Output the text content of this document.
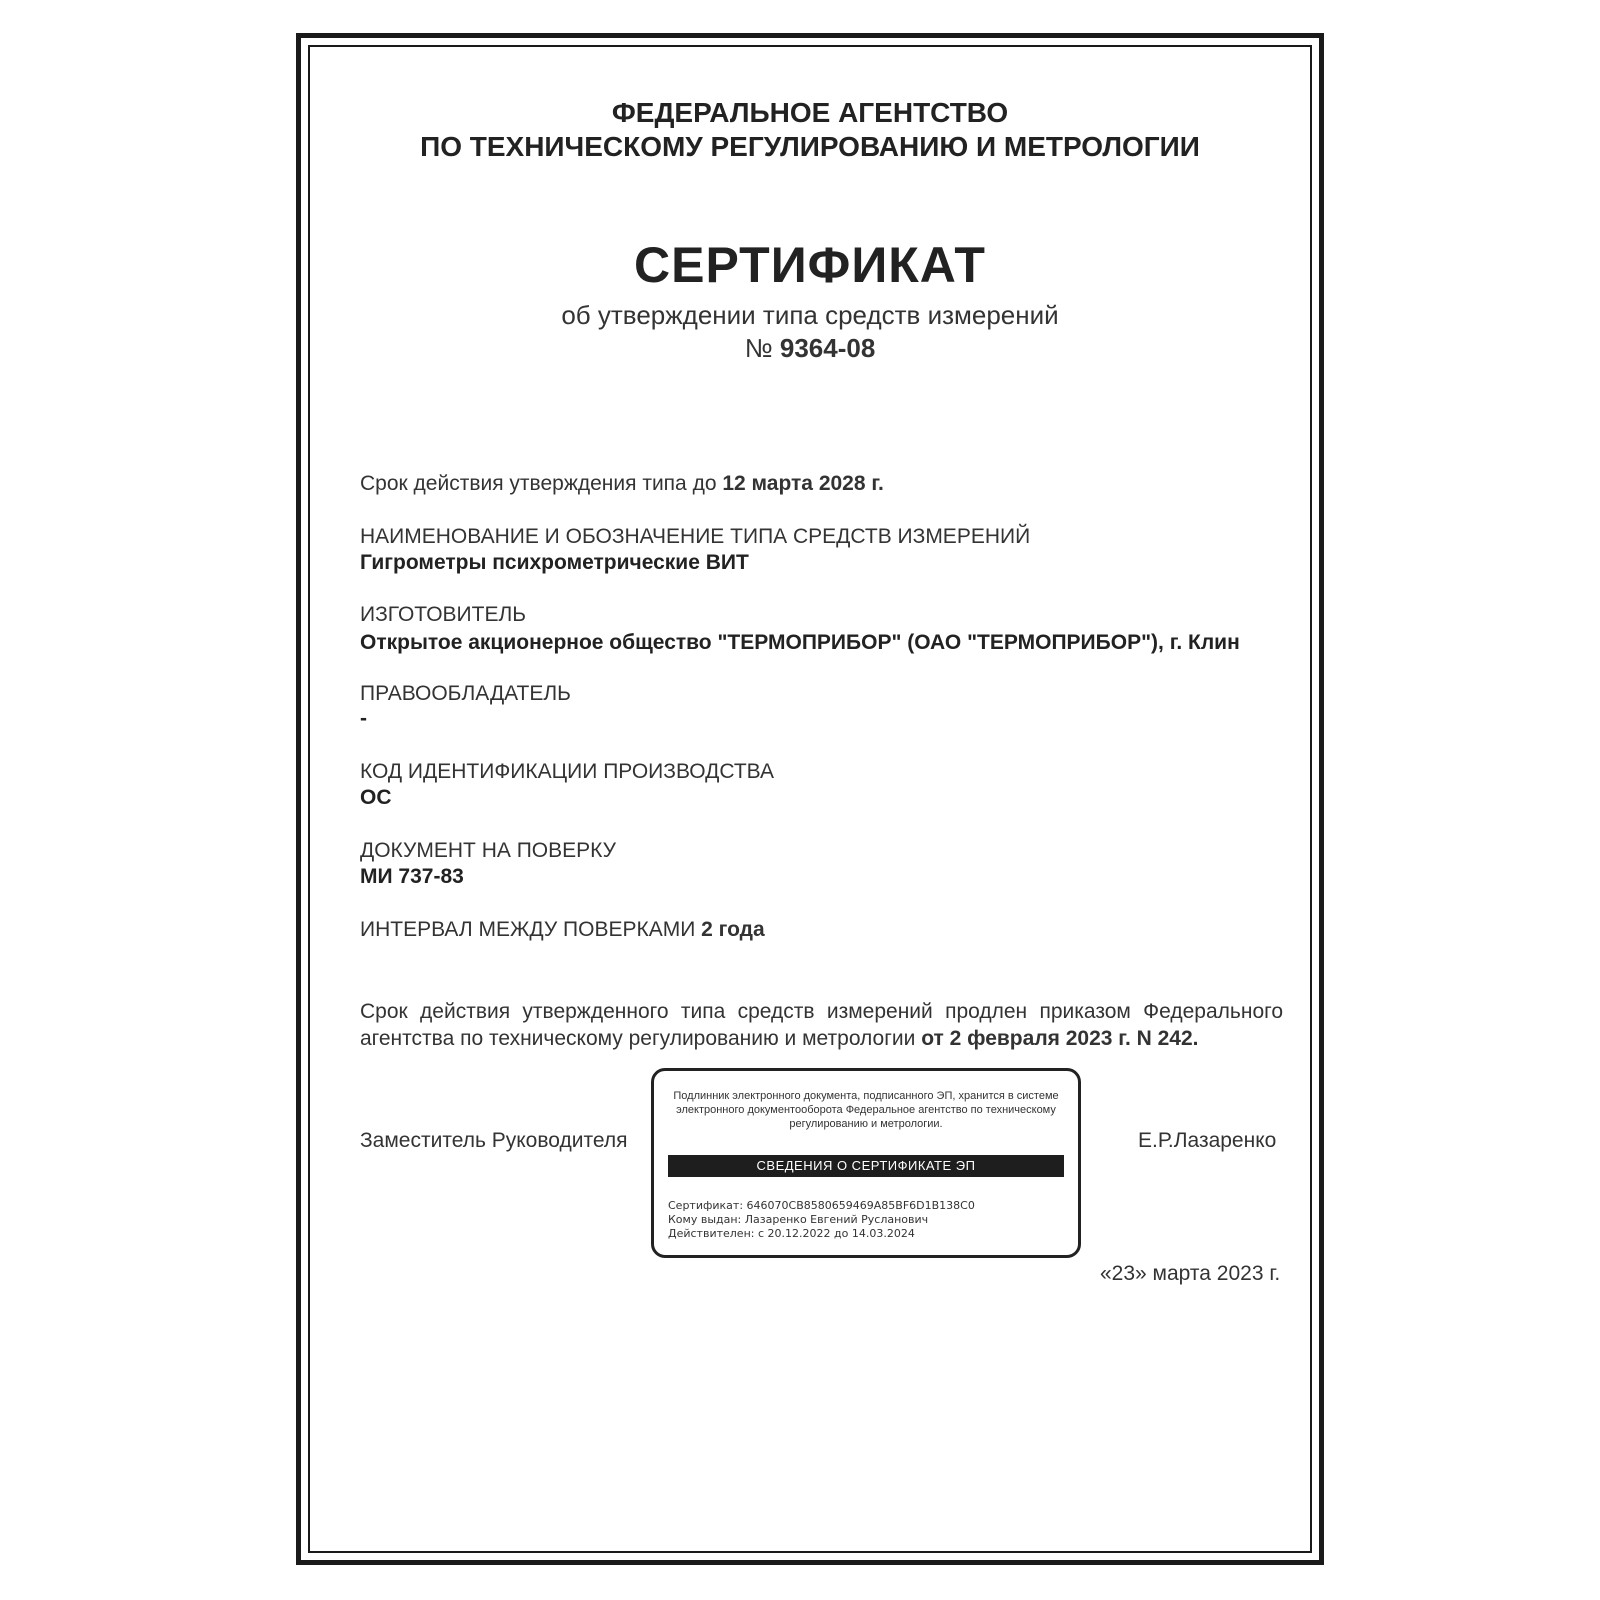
ФЕДЕРАЛЬНОЕ АГЕНТСТВО
ПО ТЕХНИЧЕСКОМУ РЕГУЛИРОВАНИЮ И МЕТРОЛОГИИ
СЕРТИФИКАТ
об утверждении типа средств измерений
№ 9364-08
Срок действия утверждения типа до 12 марта 2028 г.
НАИМЕНОВАНИЕ И ОБОЗНАЧЕНИЕ ТИПА СРЕДСТВ ИЗМЕРЕНИЙ
Гигрометры психрометрические ВИТ
ИЗГОТОВИТЕЛЬ
Открытое акционерное общество "ТЕРМОПРИБОР" (ОАО "ТЕРМОПРИБОР"), г. Клин
ПРАВООБЛАДАТЕЛЬ
-
КОД ИДЕНТИФИКАЦИИ ПРОИЗВОДСТВА
ОС
ДОКУМЕНТ НА ПОВЕРКУ
МИ 737-83
ИНТЕРВАЛ МЕЖДУ ПОВЕРКАМИ 2 года
Срок действия утвержденного типа средств измерений продлен приказом Федерального агентства по техническому регулированию и метрологии от 2 февраля 2023 г. N 242.
Заместитель Руководителя
Подлинник электронного документа, подписанного ЭП, хранится в системе электронного документооборота Федеральное агентство по техническому регулированию и метрологии.
СВЕДЕНИЯ О СЕРТИФИКАТЕ ЭП
Сертификат: 646070CB8580659469A85BF6D1B138C0
Кому выдан: Лазаренко Евгений Русланович
Действителен: с 20.12.2022 до 14.03.2024
Е.Р.Лазаренко
«23» марта 2023 г.
